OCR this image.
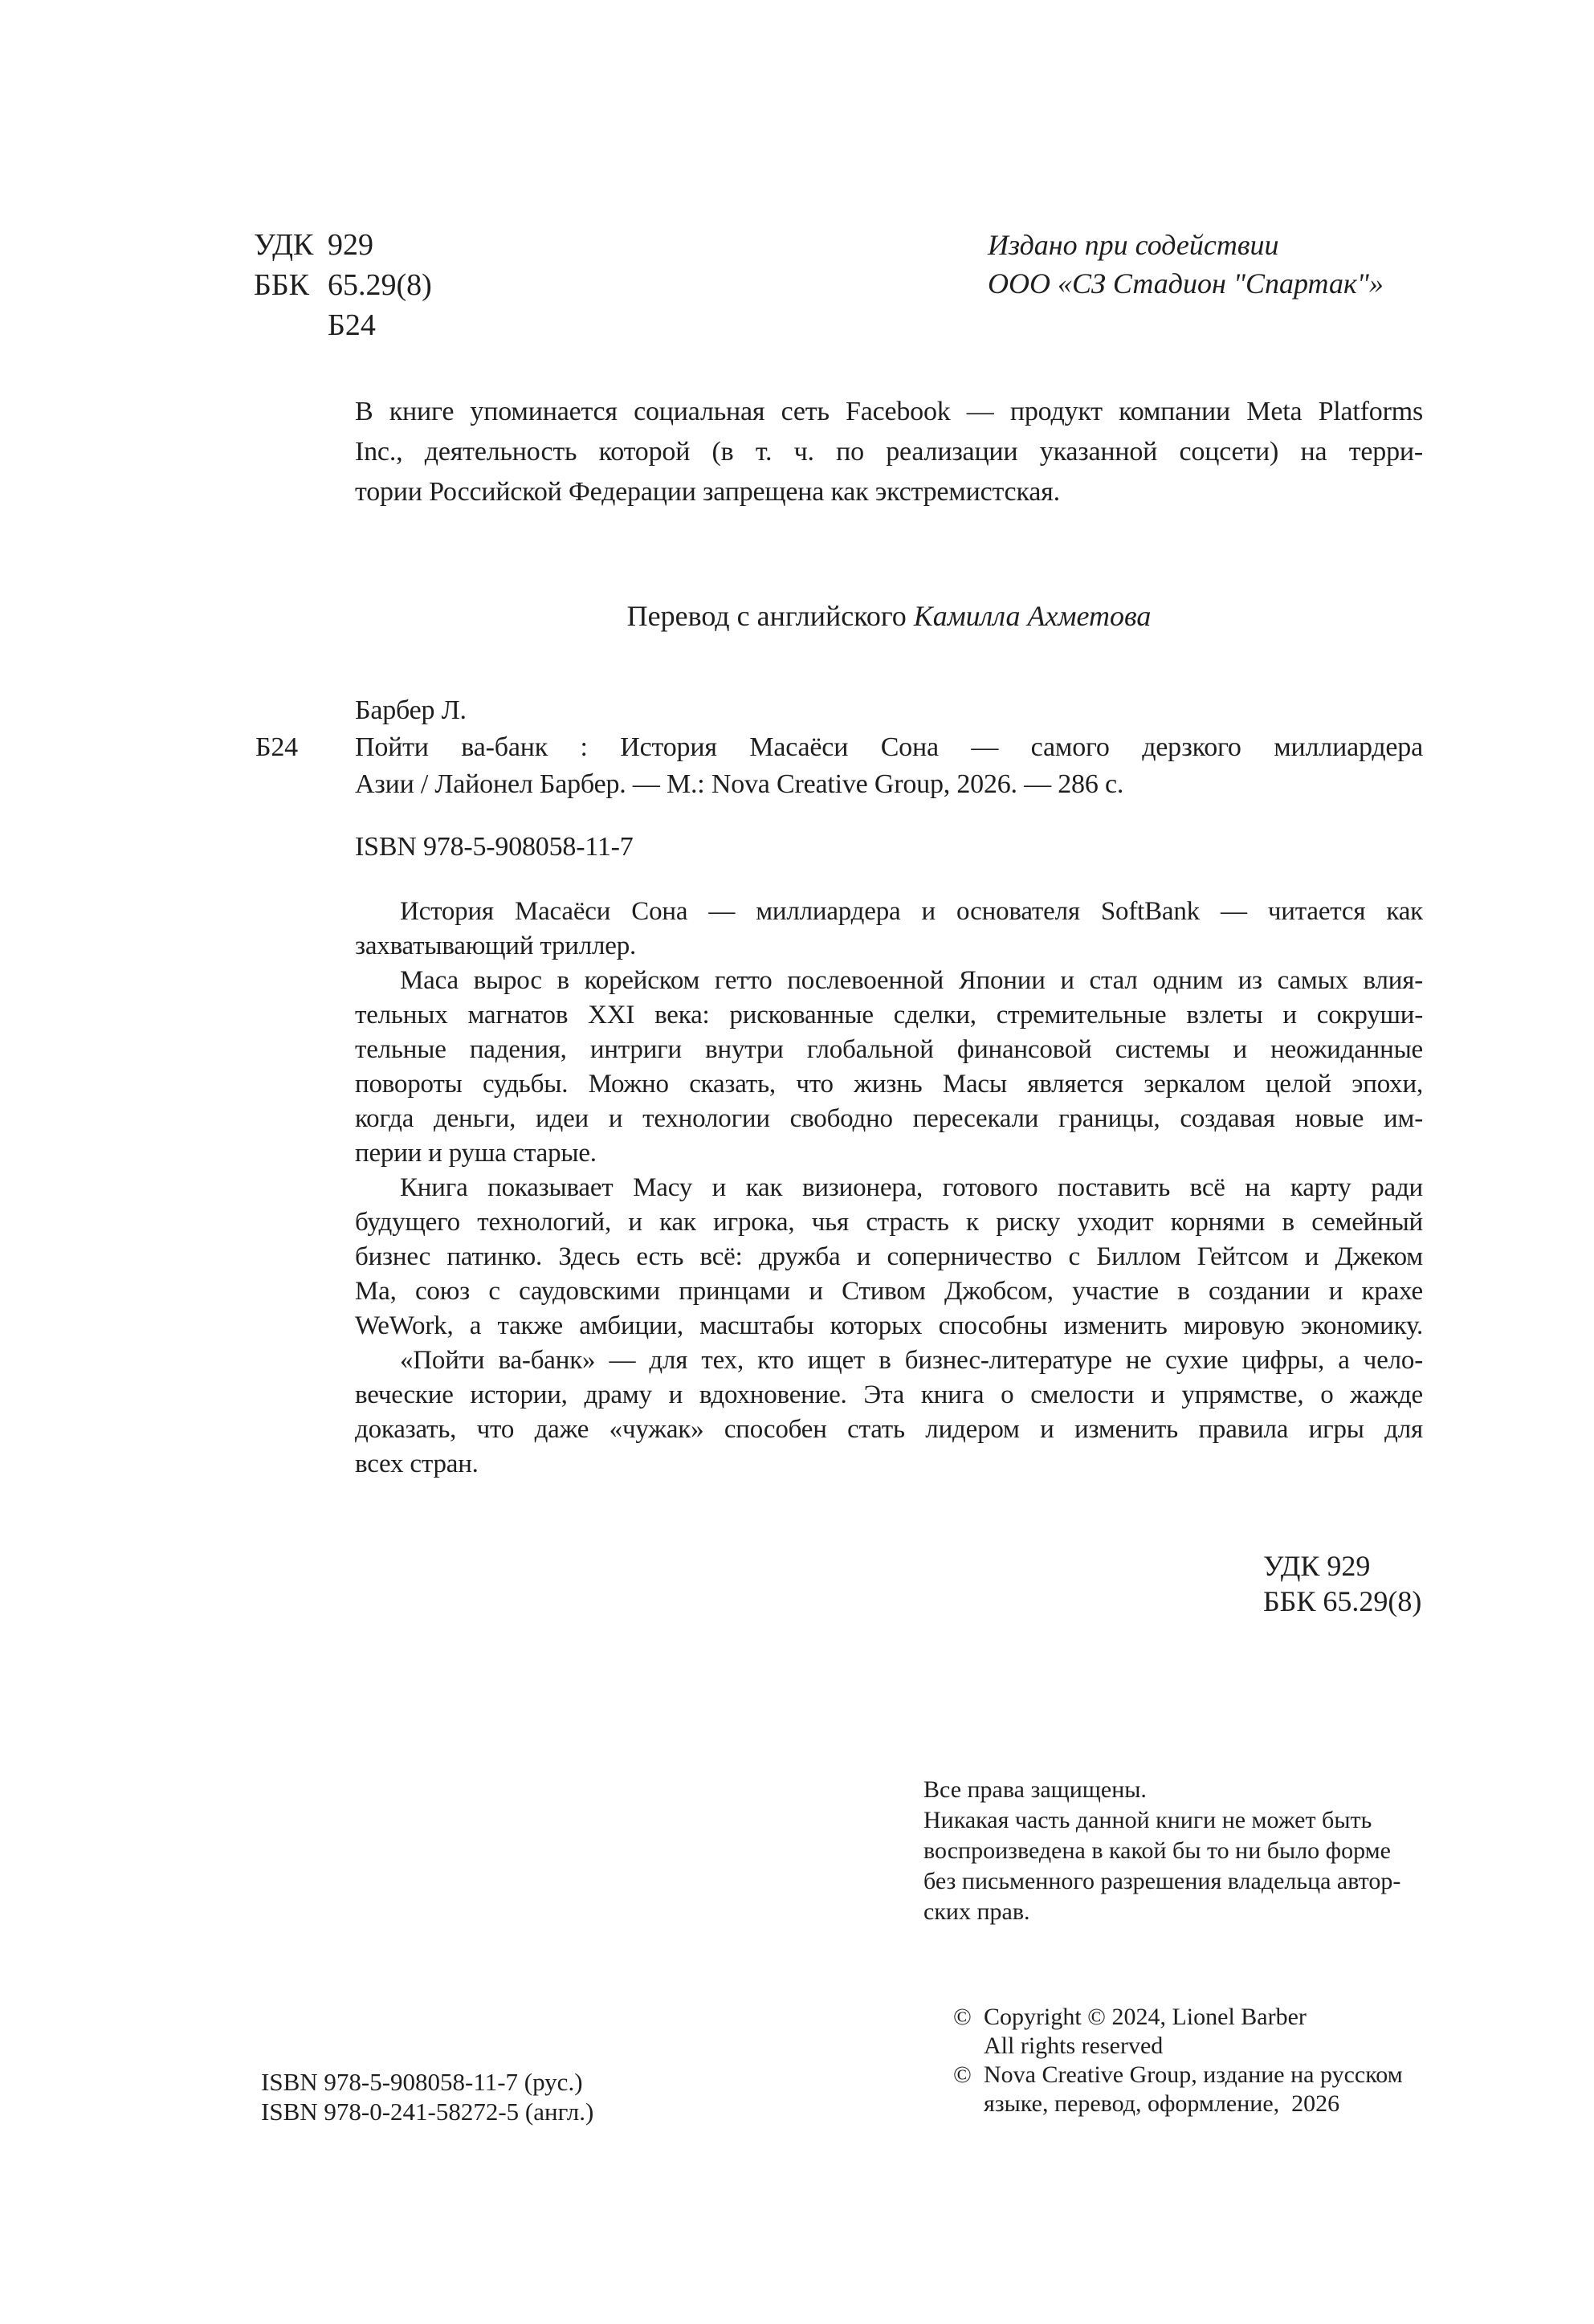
УДК 929
ББК 65.29(8)
Б24
Издано при содействии
ООО «СЗ Стадион "Спартак"»
В книге упоминается социальная сеть Facebook — продукт компании Meta Platforms
Inc., деятельность которой (в т. ч. по реализации указанной соцсети) на терри-
тории Российской Федерации запрещена как экстремистская.
Перевод с английского Камилла Ахметова
Барбер Л.
Б24 Пойти ва-банк : История Масаёси Сона — самого дерзкого миллиардера
Азии / Лайонел Барбер. — М.: Nova Creative Group, 2026. — 286 с.
ISBN 978-5-908058-11-7
История Масаёси Сона — миллиардера и основателя SoftBank — читается как
захватывающий триллер.
Маса вырос в корейском гетто послевоенной Японии и стал одним из самых влия-
тельных магнатов XXI века: рискованные сделки, стремительные взлеты и сокруши-
тельные падения, интриги внутри глобальной финансовой системы и неожиданные
повороты судьбы. Можно сказать, что жизнь Масы является зеркалом целой эпохи,
когда деньги, идеи и технологии свободно пересекали границы, создавая новые им-
перии и руша старые.
Книга показывает Масу и как визионера, готового поставить всё на карту ради
будущего технологий, и как игрока, чья страсть к риску уходит корнями в семейный
бизнес патинко. Здесь есть всё: дружба и соперничество с Биллом Гейтсом и Джеком
Ма, союз с саудовскими принцами и Стивом Джобсом, участие в создании и крахе
WeWork, а также амбиции, масштабы которых способны изменить мировую экономику.
«Пойти ва-банк» — для тех, кто ищет в бизнес-литературе не сухие цифры, а чело-
веческие истории, драму и вдохновение. Эта книга о смелости и упрямстве, о жажде
доказать, что даже «чужак» способен стать лидером и изменить правила игры для
всех стран.
УДК 929
ББК 65.29(8)
Все права защищены.
Никакая часть данной книги не может быть
воспроизведена в какой бы то ни было форме
без письменного разрешения владельца автор-
ских прав.
© Copyright © 2024, Lionel Barber
All rights reserved
© Nova Creative Group, издание на русском
языке, перевод, оформление,  2026
ISBN 978-5-908058-11-7 (рус.)
ISBN 978-0-241-58272-5 (англ.)
